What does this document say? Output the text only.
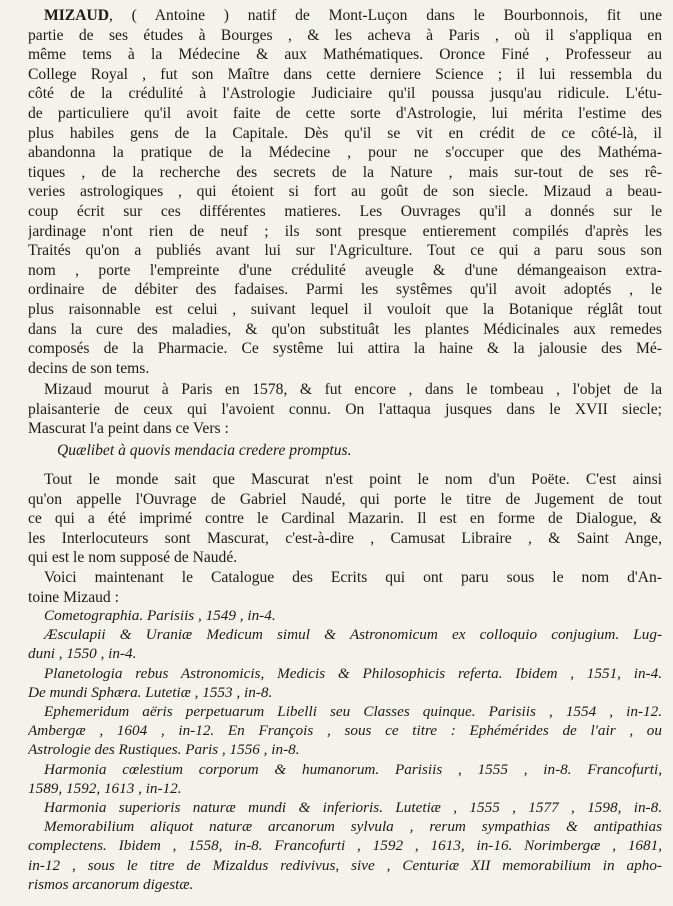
MIZAUD, ( Antoine ) natif de Mont-Luçon dans le Bourbonnois, fit une
partie de ses études à Bourges , & les acheva à Paris , où il s'appliqua en
même tems à la Médecine & aux Mathématiques. Oronce Finé , Professeur au
College Royal , fut son Maître dans cette derniere Science ; il lui ressembla du
côté de la crédulité à l'Astrologie Judiciaire qu'il poussa jusqu'au ridicule. L'étu-
de particuliere qu'il avoit faite de cette sorte d'Astrologie, lui mérita l'estime des
plus habiles gens de la Capitale. Dès qu'il se vit en crédit de ce côté-là, il
abandonna la pratique de la Médecine , pour ne s'occuper que des Mathéma-
tiques , de la recherche des secrets de la Nature , mais sur-tout de ses rê-
veries astrologiques , qui étoient si fort au goût de son siecle. Mizaud a beau-
coup écrit sur ces différentes matieres. Les Ouvrages qu'il a donnés sur le
jardinage n'ont rien de neuf ; ils sont presque entierement compilés d'après les
Traités qu'on a publiés avant lui sur l'Agriculture. Tout ce qui a paru sous son
nom , porte l'empreinte d'une crédulité aveugle & d'une démangeaison extra-
ordinaire de débiter des fadaises. Parmi les systêmes qu'il avoit adoptés , le
plus raisonnable est celui , suivant lequel il vouloit que la Botanique réglât tout
dans la cure des maladies, & qu'on substituât les plantes Médicinales aux remedes
composés de la Pharmacie. Ce systême lui attira la haine & la jalousie des Mé-
decins de son tems.
Mizaud mourut à Paris en 1578, & fut encore , dans le tombeau , l'objet de la
plaisanterie de ceux qui l'avoient connu. On l'attaqua jusques dans le XVII siecle;
Mascurat l'a peint dans ce Vers :
Quælibet à quovis mendacia credere promptus.
Tout le monde sait que Mascurat n'est point le nom d'un Poëte. C'est ainsi
qu'on appelle l'Ouvrage de Gabriel Naudé, qui porte le titre de Jugement de tout
ce qui a été imprimé contre le Cardinal Mazarin. Il est en forme de Dialogue, &
les Interlocuteurs sont Mascurat, c'est-à-dire , Camusat Libraire , & Saint Ange,
qui est le nom supposé de Naudé.
Voici maintenant le Catalogue des Ecrits qui ont paru sous le nom d'An-
toine Mizaud :
Cometographia. Parisiis , 1549 , in-4.
Æsculapii & Uraniæ Medicum simul & Astronomicum ex colloquio conjugium. Lug-
duni , 1550 , in-4.
Planetologia rebus Astronomicis, Medicis & Philosophicis referta. Ibidem , 1551, in-4.
De mundi Sphæra. Lutetiæ , 1553 , in-8.
Ephemeridum aëris perpetuarum Libelli seu Classes quinque. Parisiis , 1554 , in-12.
Ambergæ , 1604 , in-12. En François , sous ce titre : Ephémérides de l'air , ou
Astrologie des Rustiques. Paris , 1556 , in-8.
Harmonia cœlestium corporum & humanorum. Parisiis , 1555 , in-8. Francofurti,
1589, 1592, 1613 , in-12.
Harmonia superioris naturæ mundi & inferioris. Lutetiæ , 1555 , 1577 , 1598, in-8.
Memorabilium aliquot naturæ arcanorum sylvula , rerum sympathias & antipathias
complectens. Ibidem , 1558, in-8. Francofurti , 1592 , 1613, in-16. Norimbergæ , 1681,
in-12 , sous le titre de Mizaldus redivivus, sive , Centuriæ XII memorabilium in apho-
rismos arcanorum digestæ.
